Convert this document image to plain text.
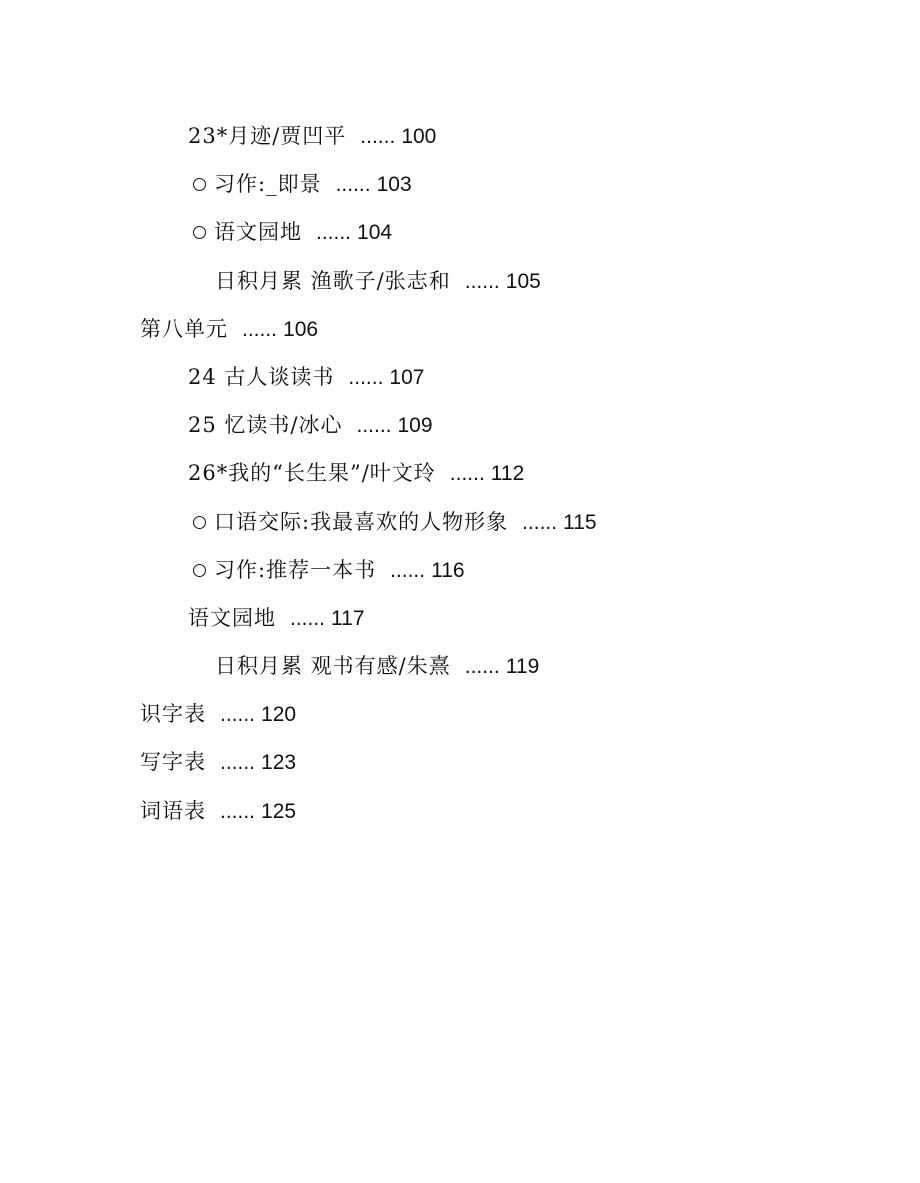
23*月迹/贾凹平 ...... 100
习作:_即景 ...... 103
语文园地 ...... 104
日积月累 渔歌子/张志和 ...... 105
第八单元 ...... 106
24 古人谈读书 ...... 107
25 忆读书/冰心 ...... 109
26*我的“长生果”/叶文玲 ...... 112
口语交际:我最喜欢的人物形象 ...... 115
习作:推荐一本书 ...... 116
语文园地 ...... 117
日积月累 观书有感/朱熹 ...... 119
识字表 ...... 120
写字表 ...... 123
词语表 ...... 125
